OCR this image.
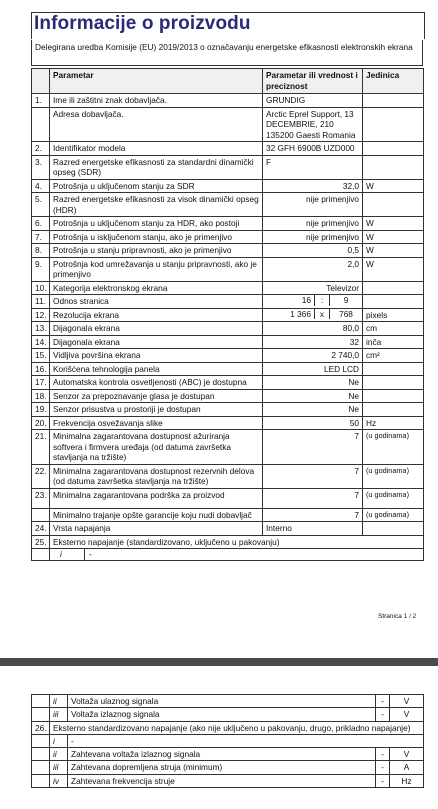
Informacije o proizvodu
Delegirana uredba Komisije (EU) 2019/2013 o označavanju energetske efikasnosti elektronskih ekrana
	Parametar	Parametar ili vrednost i preciznost	Jedinica
1.	Ime ili zaštitni znak dobavljača.	GRUNDIG	
	Adresa dobavljača.	Arctic Eprel Support, 13 DECEMBRIE, 210 135200 Gaesti Romania	
2.	Identifikator modela	32 GFH 6900B UZD000	
3.	Razred energetske efikasnosti za standardni dinamički opseg (SDR)	F	
4.	Potrošnja u uključenom stanju za SDR	32,0	W
5.	Razred energetske efikasnosti za visok dinamički opseg (HDR)	nije primenjivo	
6.	Potrošnja u uključenom stanju za HDR, ako postoji	nije primenjivo	W
7.	Potrošnja u isključenom stanju, ako je primenjivo	nije primenjivo	W
8.	Potrošnja u stanju pripravnosti, ako je primenjivo	0,5	W
9.	Potrošnja kod umrežavanja u stanju pripravnosti, ako je primenjivo	2,0	W
10.	Kategorija elektronskog ekrana	Televizor	
11.	Odnos stranica	16 : 9	

12.	Rezolucija ekrana	1 366 x 768	pixels
13.	Dijagonala ekrana	80,0	cm
14.	Dijagonala ekrana	32	inča
15.	Vidljiva površina ekrana	2 740,0	cm²
16.	Korišćena tehnologija panela	LED LCD	
17.	Automatska kontrola osvetljenosti (ABC) je dostupna	Ne	
18.	Senzor za prepoznavanje glasa je dostupan	Ne	
19.	Senzor prisustva u prostoriji je dostupan	Ne	
20.	Frekvencija osvežavanja slike	50	Hz
21.	Minimalna zagarantovana dostupnost ažuriranja softvera i firmvera uređaja (od datuma završetka stavljanja na tržište)	7	(u godinama)
22.	Minimalna zagarantovana dostupnost rezervnih delova (od datuma završetka stavljanja na tržište)	7	(u godinama)
23.	Minimalna zagarantovana podrška za proizvod	7	(u godinama)
	Minimalno trajanje opšte garancije koju nudi dobavljač	7	(u godinama)
24.	Vrsta napajanja	Interno	
25.	Eksterno napajanje (standardizovano, uključeno u pakovanju)		

	i -		
Stranica 1 / 2
	ii	Voltaža ulaznog signala	-	V
	iii	Voltaža izlaznog signala	-	V
26.	Eksterno standardizovano napajanje (ako nije uključeno u pakovanju, drugo, prikladno napajanje)			
	i	-		
	ii	Zahtevana voltaža izlaznog signala	-	V
	iii	Zahtevana dopremljena struja (minimum)	-	A
	iv	Zahtevana frekvencija struje	-	Hz
